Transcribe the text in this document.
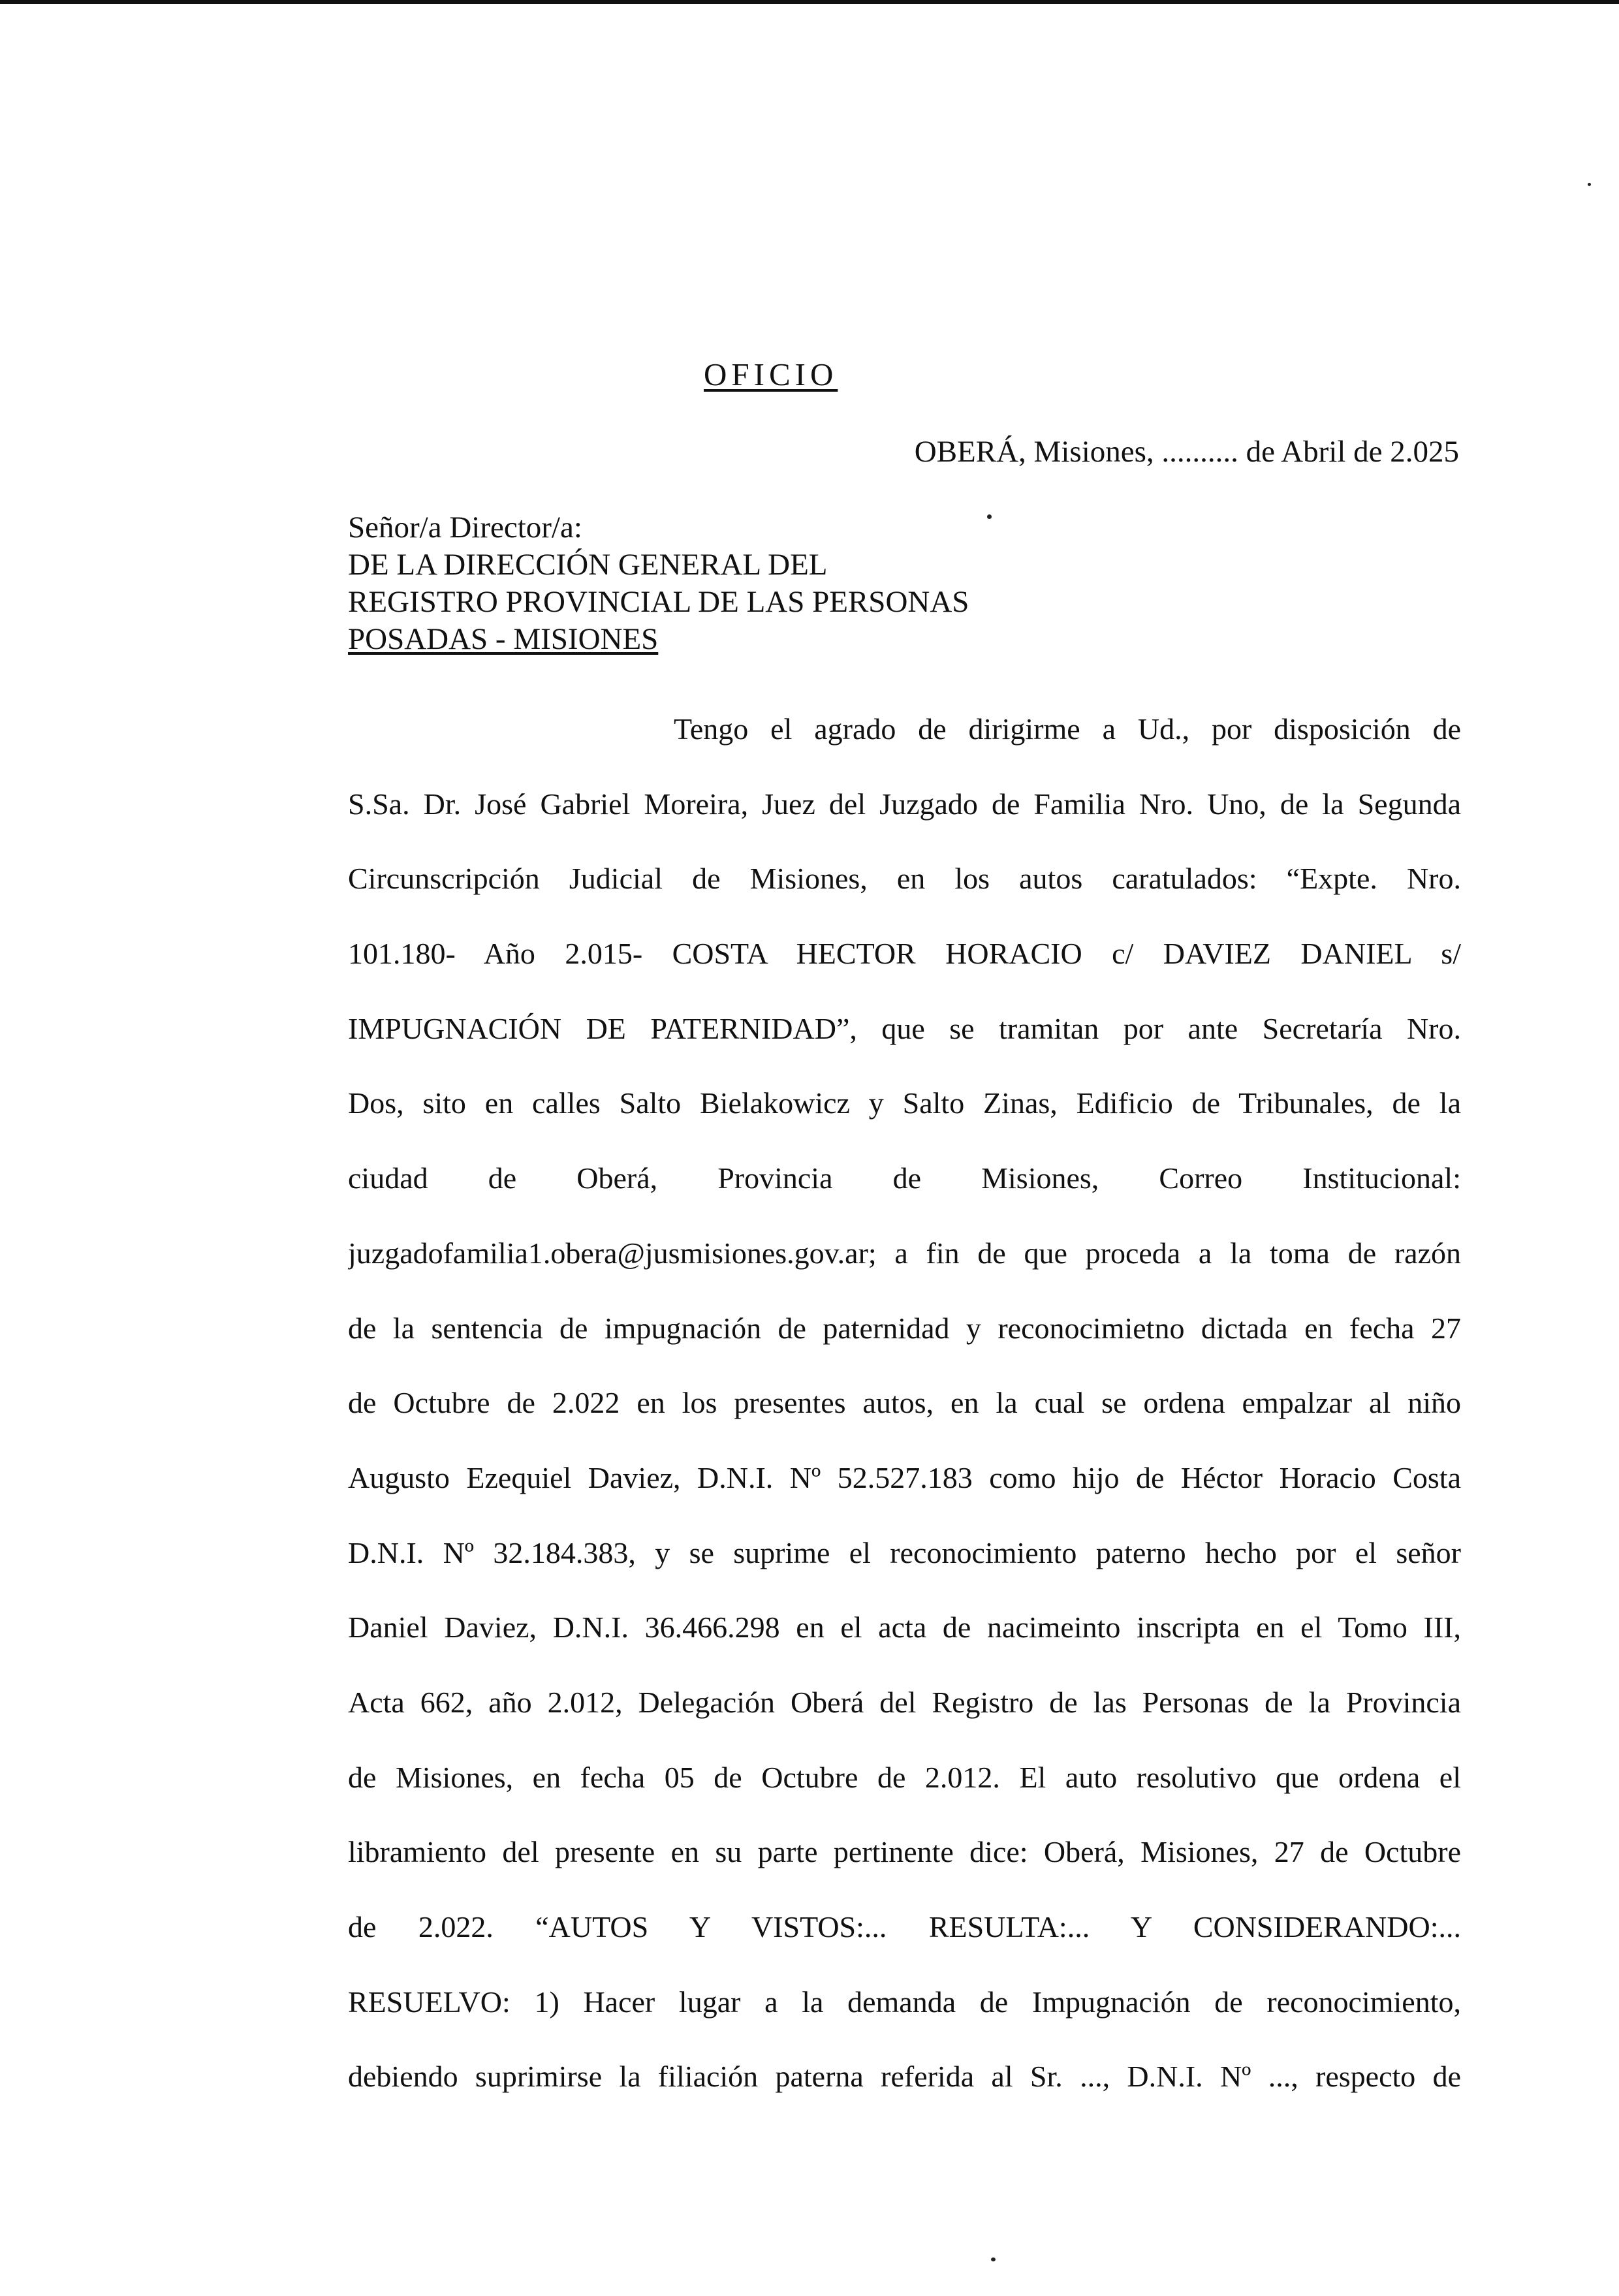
OFICIO
OBERÁ, Misiones, .......... de Abril de 2.025
Señor/a Director/a:
DE LA DIRECCIÓN GENERAL DEL
REGISTRO PROVINCIAL DE LAS PERSONAS
POSADAS - MISIONES
Tengo el agrado de dirigirme a Ud., por disposición de
S.Sa. Dr. José Gabriel Moreira, Juez del Juzgado de Familia Nro. Uno, de la Segunda
Circunscripción Judicial de Misiones, en los autos caratulados: “Expte. Nro.
101.180- Año 2.015- COSTA HECTOR HORACIO c/ DAVIEZ DANIEL s/
IMPUGNACIÓN DE PATERNIDAD”, que se tramitan por ante Secretaría Nro.
Dos, sito en calles Salto Bielakowicz y Salto Zinas, Edificio de Tribunales, de la
ciudad de Oberá, Provincia de Misiones, Correo Institucional:
juzgadofamilia1.obera@jusmisiones.gov.ar; a fin de que proceda a la toma de razón
de la sentencia de impugnación de paternidad y reconocimietno dictada en fecha 27
de Octubre de 2.022 en los presentes autos, en la cual se ordena empalzar al niño
Augusto Ezequiel Daviez, D.N.I. Nº 52.527.183 como hijo de Héctor Horacio Costa
D.N.I. Nº 32.184.383, y se suprime el reconocimiento paterno hecho por el señor
Daniel Daviez, D.N.I. 36.466.298 en el acta de nacimeinto inscripta en el Tomo III,
Acta 662, año 2.012, Delegación Oberá del Registro de las Personas de la Provincia
de Misiones, en fecha 05 de Octubre de 2.012. El auto resolutivo que ordena el
libramiento del presente en su parte pertinente dice: Oberá, Misiones, 27 de Octubre
de 2.022. “AUTOS Y VISTOS:... RESULTA:... Y CONSIDERANDO:...
RESUELVO: 1) Hacer lugar a la demanda de Impugnación de reconocimiento,
debiendo suprimirse la filiación paterna referida al Sr. ..., D.N.I. Nº ..., respecto de
